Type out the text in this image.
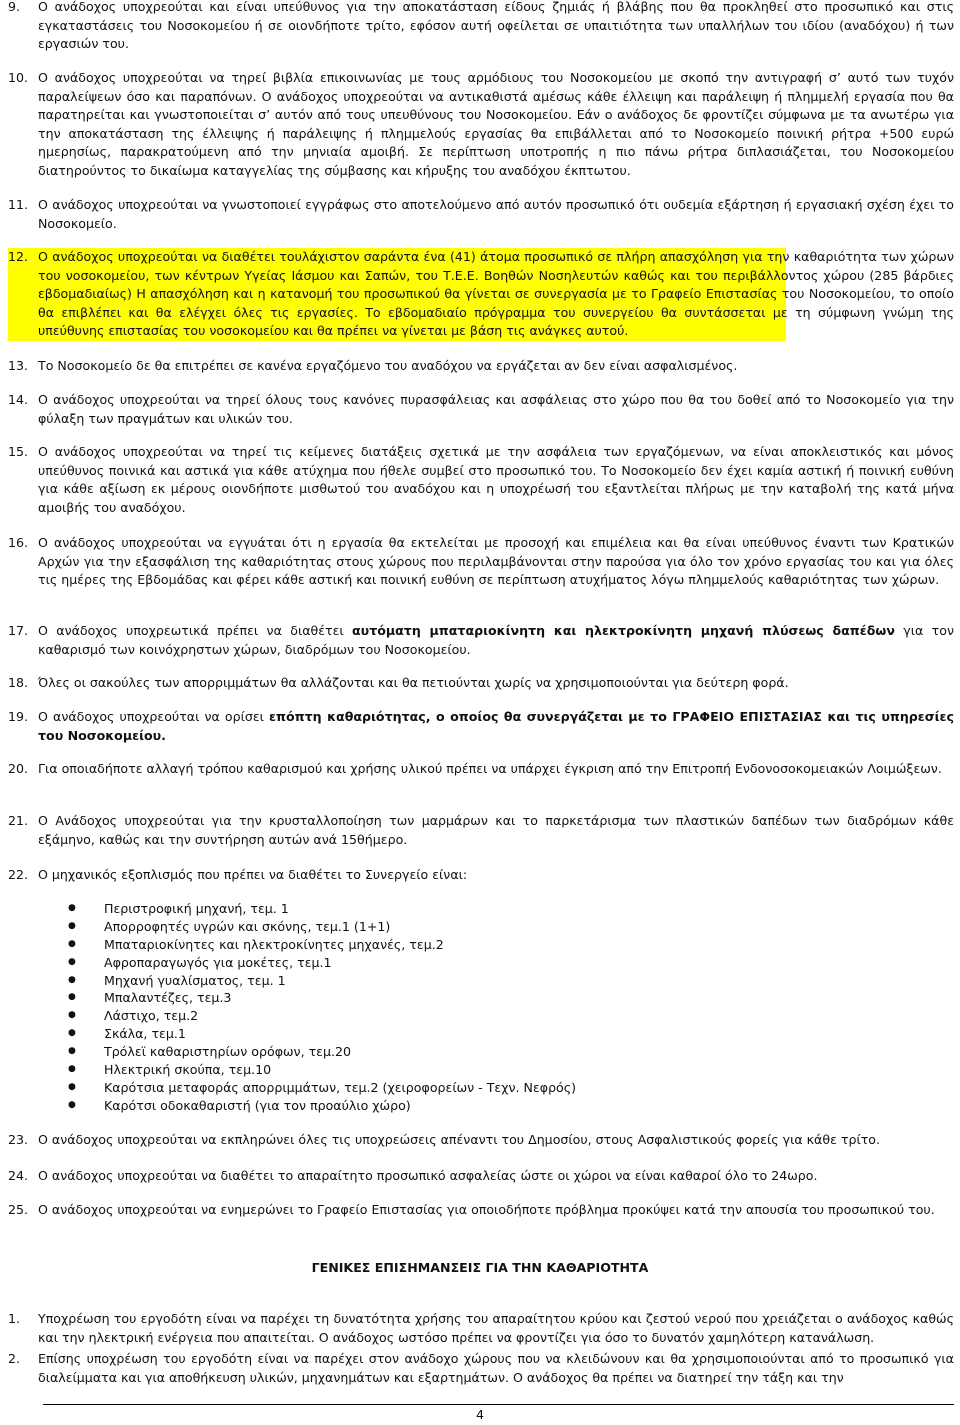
9. Ο ανάδοχος υποχρεούται και είναι υπεύθυνος για την αποκατάσταση είδους ζημιάς ή βλάβης που θα προκληθεί στο προσωπικό και στις εγκαταστάσεις του Νοσοκομείου ή σε οιονδήποτε τρίτο, εφόσον αυτή οφείλεται σε υπαιτιότητα των υπαλλήλων του ιδίου (αναδόχου) ή των εργασιών του.
10. Ο ανάδοχος υποχρεούται να τηρεί βιβλία επικοινωνίας με τους αρμόδιους του Νοσοκομείου με σκοπό την αντιγραφή σ’ αυτό των τυχόν παραλείψεων όσο και παραπόνων. Ο ανάδοχος υποχρεούται να αντικαθιστά αμέσως κάθε έλλειψη και παράλειψη ή πλημμελή εργασία που θα παρατηρείται και γνωστοποιείται σ’ αυτόν από τους υπευθύνους του Νοσοκομείου. Εάν ο ανάδοχος δε φροντίζει σύμφωνα με τα ανωτέρω για την αποκατάσταση της έλλειψης ή παράλειψης ή πλημμελούς εργασίας θα επιβάλλεται από το Νοσοκομείο ποινική ρήτρα +500 ευρώ ημερησίως, παρακρατούμενη από την μηνιαία αμοιβή. Σε περίπτωση υποτροπής η πιο πάνω ρήτρα διπλασιάζεται, του Νοσοκομείου διατηρούντος το δικαίωμα καταγγελίας της σύμβασης και κήρυξης του αναδόχου έκπτωτου.
11. Ο ανάδοχος υποχρεούται να γνωστοποιεί εγγράφως στο αποτελούμενο από αυτόν προσωπικό ότι ουδεμία εξάρτηση ή εργασιακή σχέση έχει το Νοσοκομείο.
12. Ο ανάδοχος υποχρεούται να διαθέτει τουλάχιστον σαράντα ένα (41) άτομα προσωπικό σε πλήρη απασχόληση για την καθαριότητα των χώρων του νοσοκομείου, των κέντρων Υγείας Ιάσμου και Σαπών, του Τ.Ε.Ε. Βοηθών Νοσηλευτών καθώς και του περιβάλλοντος χώρου (285 βάρδιες εβδομαδιαίως) Η απασχόληση και η κατανομή του προσωπικού θα γίνεται σε συνεργασία με το Γραφείο Επιστασίας του Νοσοκομείου, το οποίο θα επιβλέπει και θα ελέγχει όλες τις εργασίες. Το εβδομαδιαίο πρόγραμμα του συνεργείου θα συντάσσεται με τη σύμφωνη γνώμη της υπεύθυνης επιστασίας του νοσοκομείου και θα πρέπει να γίνεται με βάση τις ανάγκες αυτού.
13. Το Νοσοκομείο δε θα επιτρέπει σε κανένα εργαζόμενο του αναδόχου να εργάζεται αν δεν είναι ασφαλισμένος.
14. Ο ανάδοχος υποχρεούται να τηρεί όλους τους κανόνες πυρασφάλειας και ασφάλειας στο χώρο που θα του δοθεί από το Νοσοκομείο για την φύλαξη των πραγμάτων και υλικών του.
15. Ο ανάδοχος υποχρεούται να τηρεί τις κείμενες διατάξεις σχετικά με την ασφάλεια των εργαζόμενων, να είναι αποκλειστικός και μόνος υπεύθυνος ποινικά και αστικά για κάθε ατύχημα που ήθελε συμβεί στο προσωπικό του. Το Νοσοκομείο δεν έχει καμία αστική ή ποινική ευθύνη για κάθε αξίωση εκ μέρους οιονδήποτε μισθωτού του αναδόχου και η υποχρέωσή του εξαντλείται πλήρως με την καταβολή της κατά μήνα αμοιβής του αναδόχου.
16. Ο ανάδοχος υποχρεούται να εγγυάται ότι η εργασία θα εκτελείται με προσοχή και επιμέλεια και θα είναι υπεύθυνος έναντι των Κρατικών Αρχών για την εξασφάλιση της καθαριότητας στους χώρους που περιλαμβάνονται στην παρούσα για όλο τον χρόνο εργασίας του και για όλες τις ημέρες της Εβδομάδας και φέρει κάθε αστική και ποινική ευθύνη σε περίπτωση ατυχήματος λόγω πλημμελούς καθαριότητας των χώρων.
17. Ο ανάδοχος υποχρεωτικά πρέπει να διαθέτει αυτόματη μπαταριοκίνητη και ηλεκτροκίνητη μηχανή πλύσεως δαπέδων για τον καθαρισμό των κοινόχρηστων χώρων, διαδρόμων του Νοσοκομείου.
18. Όλες οι σακούλες των απορριμμάτων θα αλλάζονται και θα πετιούνται χωρίς να χρησιμοποιούνται για δεύτερη φορά.
19. Ο ανάδοχος υποχρεούται να ορίσει επόπτη καθαριότητας, ο οποίος θα συνεργάζεται με το ΓΡΑΦΕΙΟ ΕΠΙΣΤΑΣΙΑΣ και τις υπηρεσίες του Νοσοκομείου.
20. Για οποιαδήποτε αλλαγή τρόπου καθαρισμού και χρήσης υλικού πρέπει να υπάρχει έγκριση από την Επιτροπή Ενδονοσοκομειακών Λοιμώξεων.
21. Ο Ανάδοχος υποχρεούται για την κρυσταλλοποίηση των μαρμάρων και το παρκετάρισμα των πλαστικών δαπέδων των διαδρόμων κάθε εξάμηνο, καθώς και την συντήρηση αυτών ανά 15θήμερο.
22. Ο μηχανικός εξοπλισμός που πρέπει να διαθέτει το Συνεργείο είναι:
● Περιστροφική μηχανή, τεμ. 1
● Απορροφητές υγρών και σκόνης, τεμ.1 (1+1)
● Μπαταριοκίνητες και ηλεκτροκίνητες μηχανές, τεμ.2
● Αφροπαραγωγός για μοκέτες, τεμ.1
● Μηχανή γυαλίσματος, τεμ. 1
● Μπαλαντέζες, τεμ.3
● Λάστιχο, τεμ.2
● Σκάλα, τεμ.1
● Τρόλεϊ καθαριστηρίων ορόφων, τεμ.20
● Ηλεκτρική σκούπα, τεμ.10
● Καρότσια μεταφοράς απορριμμάτων, τεμ.2 (χειροφορείων - Τεχν. Νεφρός)
● Καρότσι οδοκαθαριστή (για τον προαύλιο χώρο)
23. Ο ανάδοχος υποχρεούται να εκπληρώνει όλες τις υποχρεώσεις απέναντι του Δημοσίου, στους Ασφαλιστικούς φορείς για κάθε τρίτο.
24. Ο ανάδοχος υποχρεούται να διαθέτει το απαραίτητο προσωπικό ασφαλείας ώστε οι χώροι να είναι καθαροί όλο το 24ωρο.
25. Ο ανάδοχος υποχρεούται να ενημερώνει το Γραφείο Επιστασίας για οποιοδήποτε πρόβλημα προκύψει κατά την απουσία του προσωπικού του.
ΓΕΝΙΚΕΣ ΕΠΙΣΗΜΑΝΣΕΙΣ ΓΙΑ ΤΗΝ ΚΑΘΑΡΙΟΤΗΤΑ
1. Υποχρέωση του εργοδότη είναι να παρέχει τη δυνατότητα χρήσης του απαραίτητου κρύου και ζεστού νερού που χρειάζεται ο ανάδοχος καθώς και την ηλεκτρική ενέργεια που απαιτείται. Ο ανάδοχος ωστόσο πρέπει να φροντίζει για όσο το δυνατόν χαμηλότερη κατανάλωση.
2. Επίσης υποχρέωση του εργοδότη είναι να παρέχει στον ανάδοχο χώρους που να κλειδώνουν και θα χρησιμοποιούνται από το προσωπικό για διαλείμματα και για αποθήκευση υλικών, μηχανημάτων και εξαρτημάτων. Ο ανάδοχος θα πρέπει να διατηρεί την τάξη και την
4
